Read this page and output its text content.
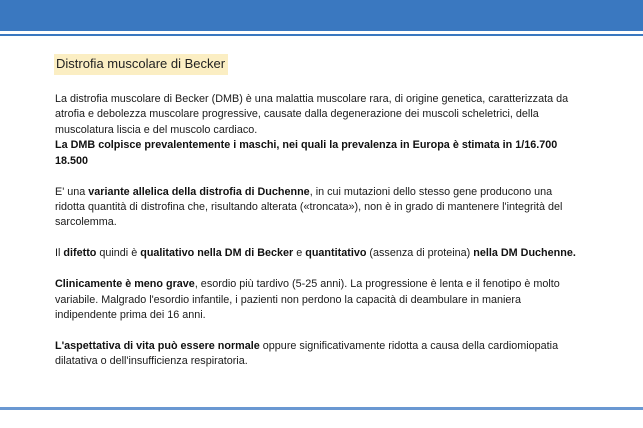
Distrofia muscolare di Becker

La distrofia muscolare di Becker (DMB) è una malattia muscolare rara, di origine genetica, caratterizzata da atrofia e debolezza muscolare progressive, causate dalla degenerazione dei muscoli scheletrici, della muscolatura liscia e del muscolo cardiaco.
La DMB colpisce prevalentemente i maschi, nei quali la prevalenza in Europa è stimata in 1/16.700 18.500

E' una variante allelica della distrofia di Duchenne, in cui mutazioni dello stesso gene producono una ridotta quantità di distrofina che, risultando alterata («troncata»), non è in grado di mantenere l'integrità del sarcolemma.

Il difetto quindi è qualitativo nella DM di Becker e quantitativo (assenza di proteina) nella DM Duchenne.

Clinicamente è meno grave, esordio più tardivo (5-25 anni). La progressione è lenta e il fenotipo è molto variabile. Malgrado l'esordio infantile, i pazienti non perdono la capacità di deambulare in maniera indipendente prima dei 16 anni.

L'aspettativa di vita può essere normale oppure significativamente ridotta a causa della cardiomiopatia dilatativa o dell'insufficienza respiratoria.
